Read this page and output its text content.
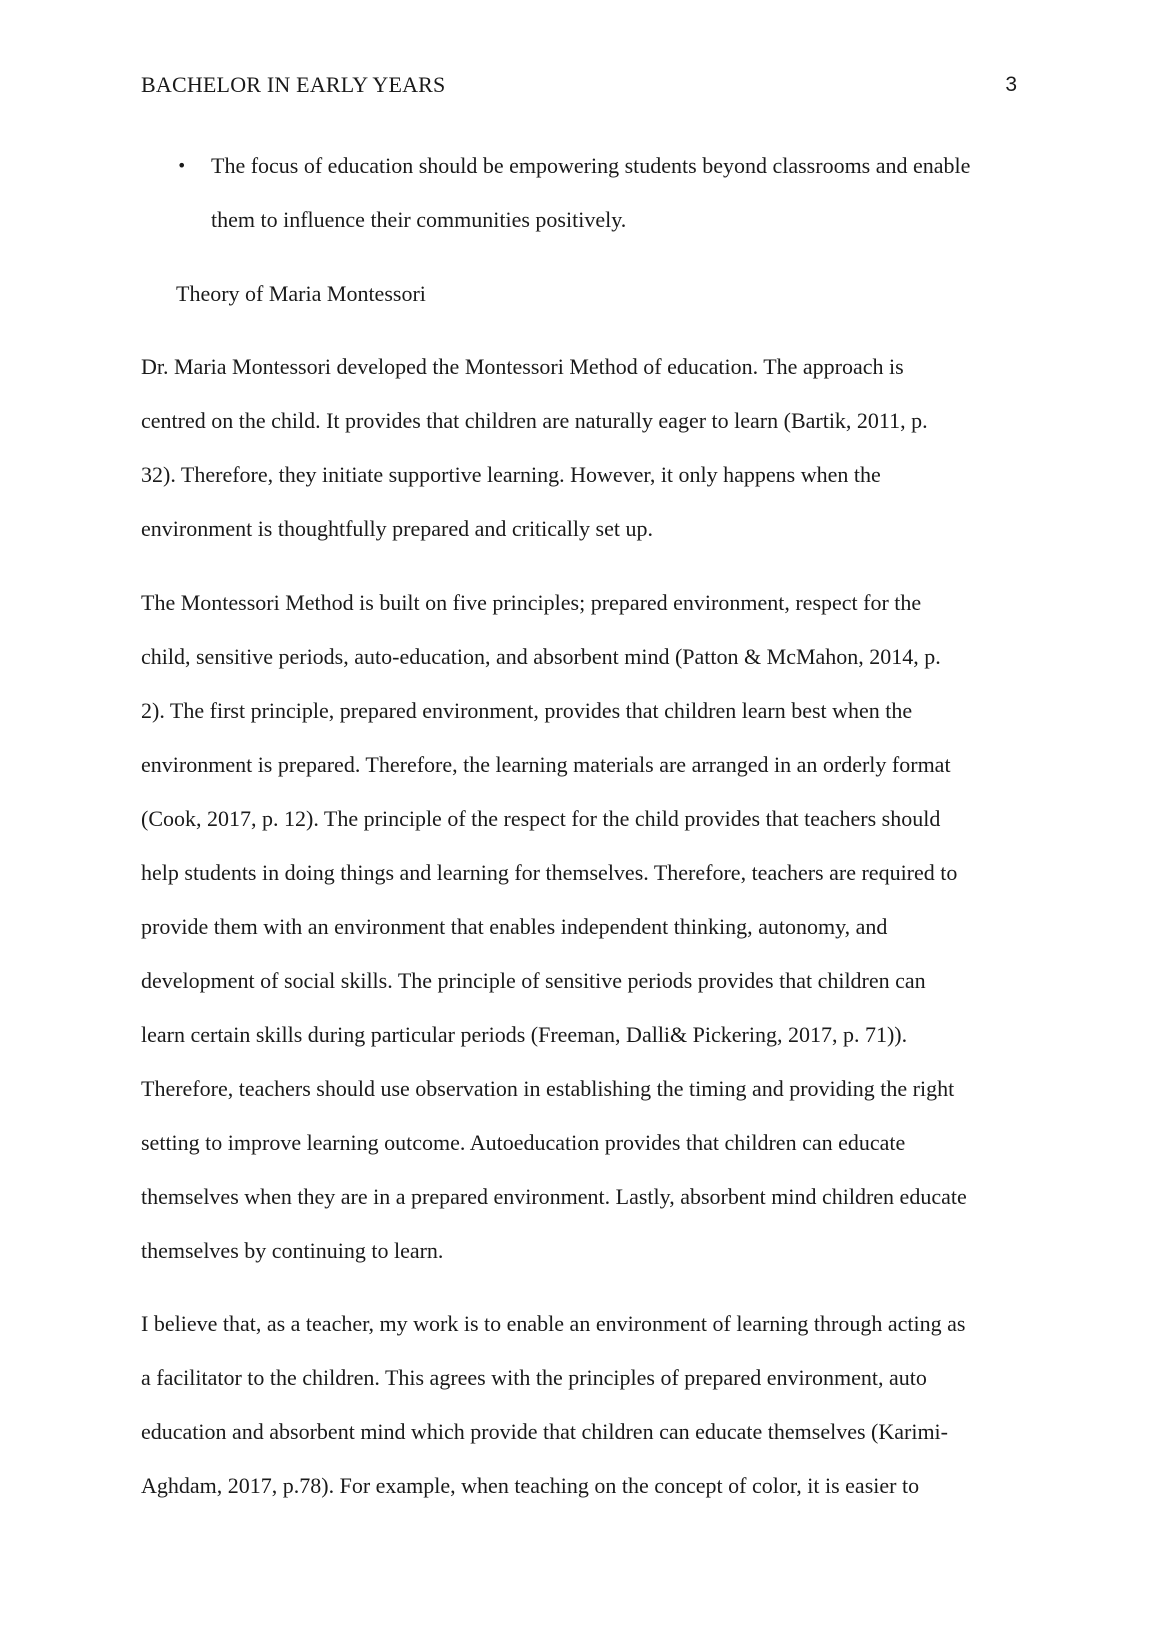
BACHELOR IN EARLY YEARS	3
• The focus of education should be empowering students beyond classrooms and enable
them to influence their communities positively.
Theory of Maria Montessori

Dr. Maria Montessori developed the Montessori Method of education. The approach is
centred on the child. It provides that children are naturally eager to learn (Bartik, 2011, p.
32). Therefore, they initiate supportive learning. However, it only happens when the
environment is thoughtfully prepared and critically set up.

The Montessori Method is built on five principles; prepared environment, respect for the
child, sensitive periods, auto-education, and absorbent mind (Patton & McMahon, 2014, p.
2). The first principle, prepared environment, provides that children learn best when the
environment is prepared. Therefore, the learning materials are arranged in an orderly format
(Cook, 2017, p. 12). The principle of the respect for the child provides that teachers should
help students in doing things and learning for themselves. Therefore, teachers are required to
provide them with an environment that enables independent thinking, autonomy, and
development of social skills. The principle of sensitive periods provides that children can
learn certain skills during particular periods (Freeman, Dalli& Pickering, 2017, p. 71)).
Therefore, teachers should use observation in establishing the timing and providing the right
setting to improve learning outcome. Autoeducation provides that children can educate
themselves when they are in a prepared environment. Lastly, absorbent mind children educate
themselves by continuing to learn.

I believe that, as a teacher, my work is to enable an environment of learning through acting as
a facilitator to the children. This agrees with the principles of prepared environment, auto
education and absorbent mind which provide that children can educate themselves (Karimi-
Aghdam, 2017, p.78). For example, when teaching on the concept of color, it is easier to
